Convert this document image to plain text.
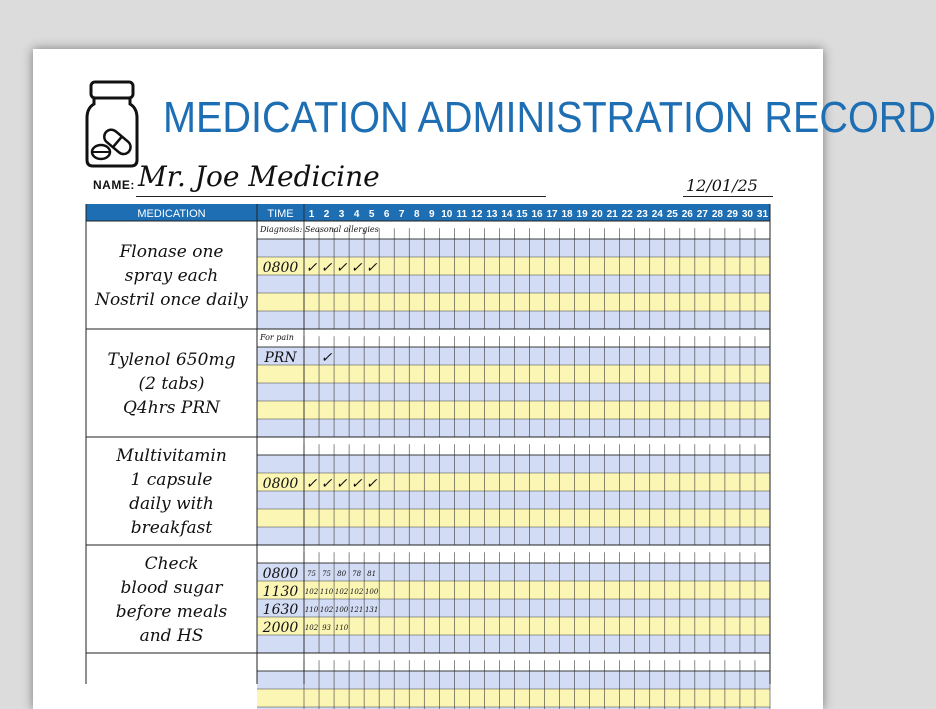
MEDICATION ADMINISTRATION RECORD
NAME: Mr. Joe Medicine	12/01/25
MEDICATION	TIME 1 2 3 4 5 6 7 8 9 10 11 12 13 14 15 16 17 18 19 20 21 22 23 24 25 26 27 28 29 30 31
Diagnosis: Seasonal allergies
Flonase one
spray each
Nostril once daily
0800 ✓ ✓ ✓ ✓ ✓
For pain
Tylenol 650mg
(2 tabs)
Q4hrs PRN
PRN ✓
Multivitamin
1 capsule
daily with
breakfast
0800 ✓ ✓ ✓ ✓ ✓
Check
blood sugar
before meals
and HS
0800 75 75 80 78 81
1130 102 110 102 102 100
1630 110 102 100 121 131
2000 102 93 110
